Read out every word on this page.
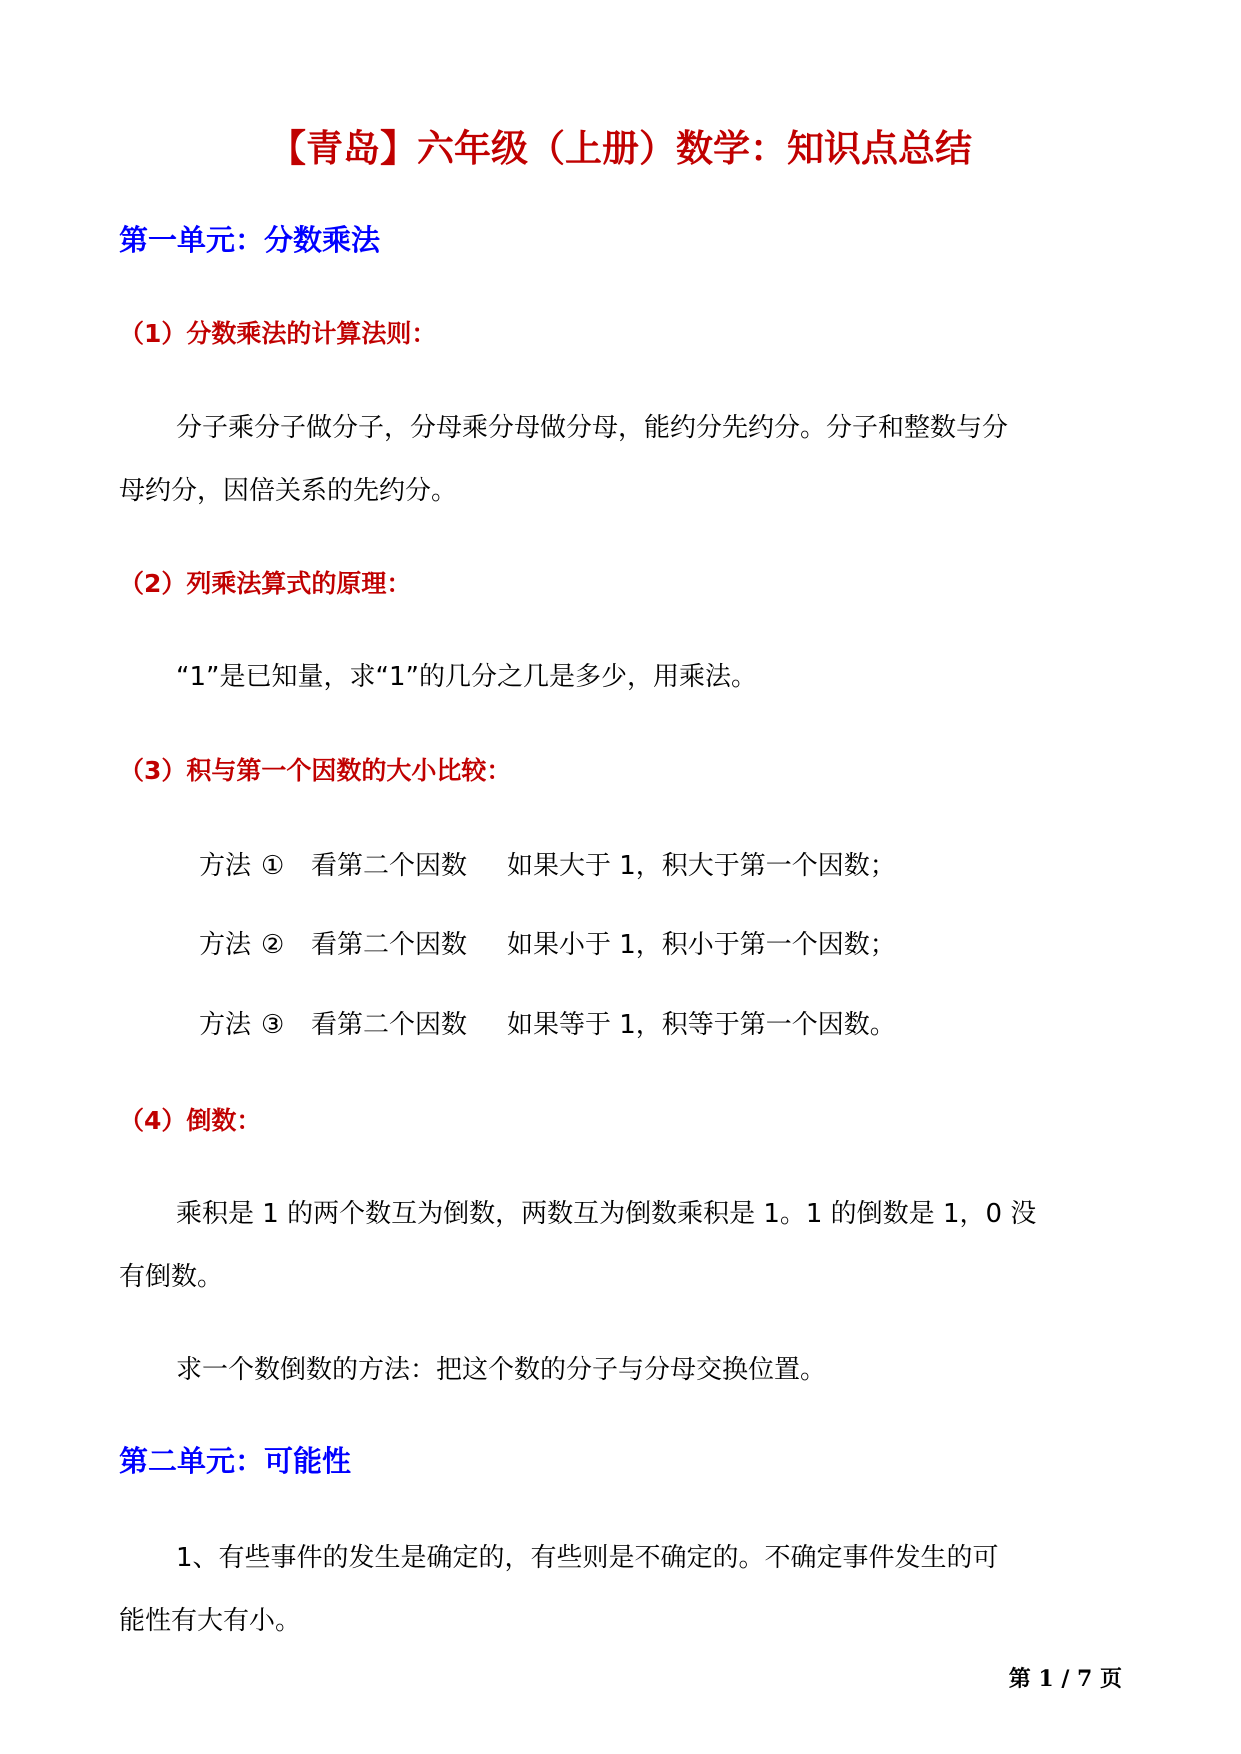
【青岛】六年级（上册）数学：知识点总结
第一单元：分数乘法
（1）分数乘法的计算法则：
分子乘分子做分子，分母乘分母做分母，能约分先约分。分子和整数与分
母约分，因倍关系的先约分。
（2）列乘法算式的原理：
“1”是已知量，求“1”的几分之几是多少，用乘法。
（3）积与第一个因数的大小比较：
方法 ① 看第二个因数 如果大于 1，积大于第一个因数；
方法 ② 看第二个因数 如果小于 1，积小于第一个因数；
方法 ③ 看第二个因数 如果等于 1，积等于第一个因数。
（4）倒数：
乘积是 1 的两个数互为倒数，两数互为倒数乘积是 1。1 的倒数是 1，0 没
有倒数。
求一个数倒数的方法：把这个数的分子与分母交换位置。
第二单元：可能性
1、有些事件的发生是确定的，有些则是不确定的。不确定事件发生的可
能性有大有小。
第 1 / 7 页
